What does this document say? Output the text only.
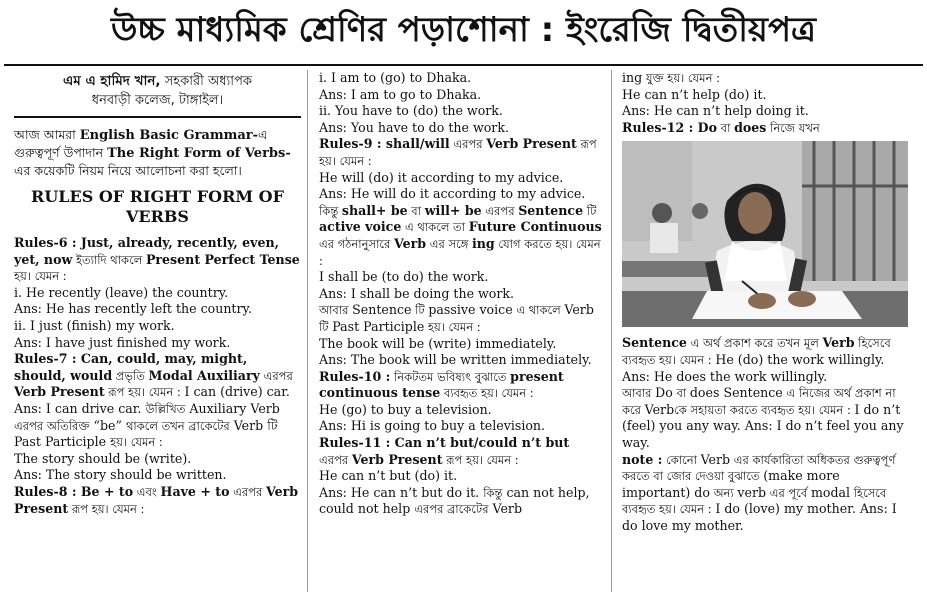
উচ্চ মাধ্যমিক শ্রেণির পড়াশোনা : ইংরেজি দ্বিতীয়পত্র
এম এ হামিদ খান, সহকারী অধ্যাপক
ধনবাড়ী কলেজ, টাঙ্গাইল।

আজ আমরা English Basic Grammar-এ গুরুত্বপূর্ণ উপাদান The Right Form of Verbs-এর কয়েকটি নিয়ম নিয়ে আলোচনা করা হলো।

RULES OF RIGHT FORM OF VERBS

Rules-6 : Just, already, recently, even, yet, now ইত্যাদি থাকলে Present Perfect Tense হয়। যেমন :

i. He recently (leave) the country.

Ans: He has recently left the country.

ii. I just (finish) my work.

Ans: I have just finished my work.

Rules-7 : Can, could, may, might, should, would প্রভৃতি Modal Auxiliary এরপর Verb Present রূপ হয়। যেমন : I can (drive) car.

Ans: I can drive car. উল্লিখিত Auxiliary Verb এরপর অতিরিক্ত “be” থাকলে তখন ব্রাকেটের Verb টি Past Participle হয়। যেমন :

The story should be (write).

Ans: The story should be written.

Rules-8 : Be + to এবং Have + to এরপর Verb Present রূপ হয়। যেমন :

i. I am to (go) to Dhaka.

Ans: I am to go to Dhaka.

ii. You have to (do) the work.

Ans: You have to do the work.

Rules-9 : shall/will এরপর Verb Present রূপ হয়। যেমন :

He will (do) it according to my advice.

Ans: He will do it according to my advice.

কিন্তু shall+ be বা will+ be এরপর Sentence টি active voice এ থাকলে তা Future Continuous এর গঠনানুসারে Verb এর সঙ্গে ing যোগ করতে হয়। যেমন :

I shall be (to do) the work.

Ans: I shall be doing the work.

আবার Sentence টি passive voice এ থাকলে Verb টি Past Participle হয়। যেমন :

The book will be (write) immediately.

Ans: The book will be written immediately.

Rules-10 : নিকটতম ভবিষ্যৎ বুঝাতে present continuous tense ব্যবহৃত হয়। যেমন :

He (go) to buy a television.

Ans: Hi is going to buy a television.

Rules-11 : Can n’t but/could n’t but এরপর Verb Present রূপ হয়। যেমন :

He can n’t but (do) it.

Ans: He can n’t but do it. কিন্তু can not help, could not help এরপর ব্রাকেটের Verb

ing যুক্ত হয়। যেমন :

He can n’t help (do) it.

Ans: He can n’t help doing it.

Rules-12 : Do বা does নিজে যখন

Sentence এ অর্থ প্রকাশ করে তখন মূল Verb হিসেবে ব্যবহৃত হয়। যেমন : He (do) the work willingly.

Ans: He does the work willingly.

আবার Do বা does Sentence এ নিজের অর্থ প্রকাশ না করে Verbকে সহায়তা করতে ব্যবহৃত হয়। যেমন : I do n’t (feel) you any way. Ans: I do n’t feel you any way.

note : কোনো Verb এর কার্যকারিতা অধিকতর গুরুত্বপূর্ণ করতে বা জোর দেওয়া বুঝাতে (make more important) do অন্য verb এর পূর্বে modal হিসেবে ব্যবহৃত হয়। যেমন : I do (love) my mother. Ans: I do love my mother.
